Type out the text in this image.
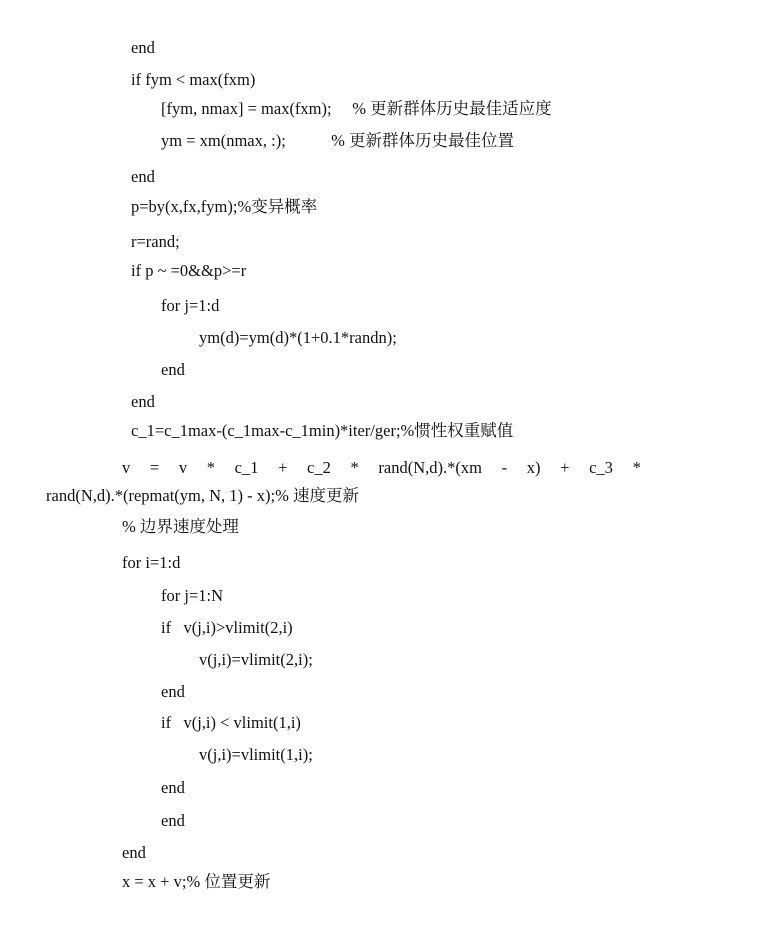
end
if fym < max(fxm)
[fym, nmax] = max(fxm);     % 更新群体历史最佳适应度
ym = xm(nmax, :);           % 更新群体历史最佳位置
end
p=by(x,fx,fym);%变异概率
r=rand;
if p ~ =0&&p>=r
for j=1:d
ym(d)=ym(d)*(1+0.1*randn);
end
end
c_1=c_1max-(c_1max-c_1min)*iter/ger;%惯性权重赋值
v = v * c_1 + c_2 * rand(N,d).*(xm - x) + c_3 *
rand(N,d).*(repmat(ym, N, 1) - x);% 速度更新
% 边界速度处理
for i=1:d
for j=1:N
if   v(j,i)>vlimit(2,i)
v(j,i)=vlimit(2,i);
end
if   v(j,i) < vlimit(1,i)
v(j,i)=vlimit(1,i);
end
end
end
x = x + v;% 位置更新
